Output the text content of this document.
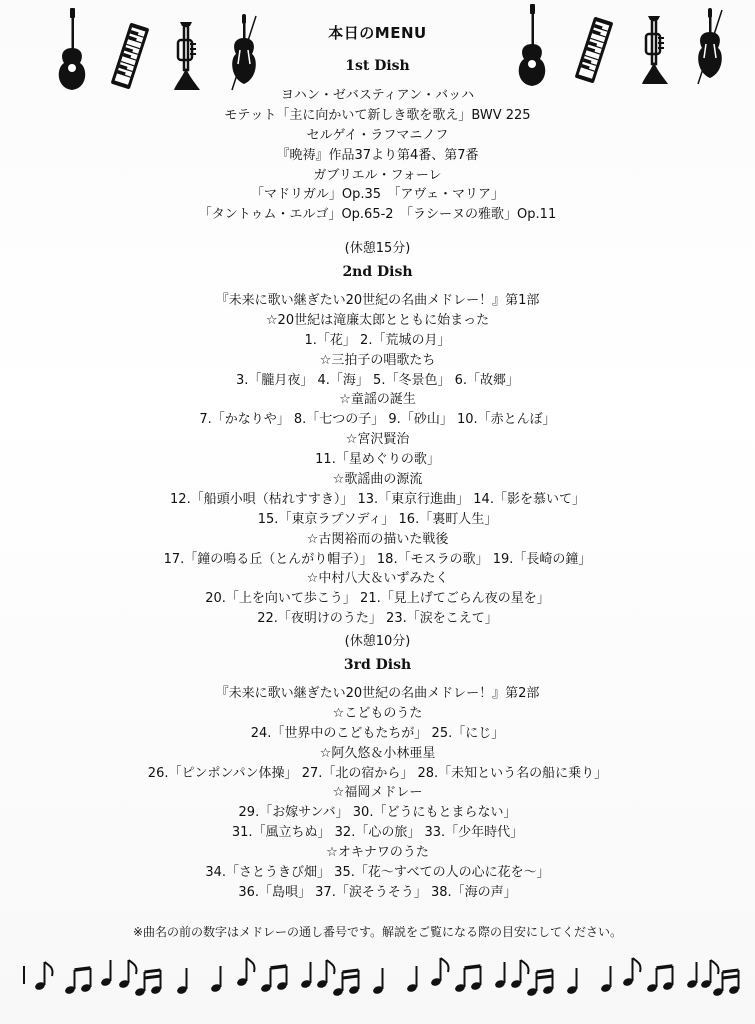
本日のMENU
1st Dish
ヨハン・ゼバスティアン・バッハ
モテット「主に向かいて新しき歌を歌え」BWV 225
セルゲイ・ラフマニノフ
『晩祷』作品37より第4番、第7番
ガブリエル・フォーレ
「マドリガル」Op.35　「アヴェ・マリア」
「タントゥム・エルゴ」Op.65-2　「ラシーヌの雅歌」Op.11
(休憩15分)
2nd Dish
『未来に歌い継ぎたい20世紀の名曲メドレー！』第1部
☆20世紀は滝廉太郎とともに始まった
1.「花」 2.「荒城の月」
☆三拍子の唱歌たち
3.「朧月夜」 4.「海」 5.「冬景色」 6.「故郷」
☆童謡の誕生
7.「かなりや」 8.「七つの子」 9.「砂山」 10.「赤とんぼ」
☆宮沢賢治
11.「星めぐりの歌」
☆歌謡曲の源流
12.「船頭小唄（枯れすすき）」 13.「東京行進曲」 14.「影を慕いて」
15.「東京ラプソディ」 16.「裏町人生」
☆古関裕而の描いた戦後
17.「鐘の鳴る丘（とんがり帽子）」 18.「モスラの歌」 19.「長崎の鐘」
☆中村八大＆いずみたく
20.「上を向いて歩こう」 21.「見上げてごらん夜の星を」
22.「夜明けのうた」 23.「涙をこえて」
(休憩10分)
3rd Dish
『未来に歌い継ぎたい20世紀の名曲メドレー！』第2部
☆こどものうた
24.「世界中のこどもたちが」 25.「にじ」
☆阿久悠＆小林亜星
26.「ピンポンパン体操」 27.「北の宿から」 28.「未知という名の船に乗り」
☆福岡メドレー
29.「お嫁サンバ」 30.「どうにもとまらない」
31.「風立ちぬ」 32.「心の旅」 33.「少年時代」
☆オキナワのうた
34.「さとうきび畑」 35.「花～すべての人の心に花を～」
36.「島唄」 37.「涙そうそう」 38.「海の声」
※曲名の前の数字はメドレーの通し番号です。解説をご覧になる際の目安にしてください。
